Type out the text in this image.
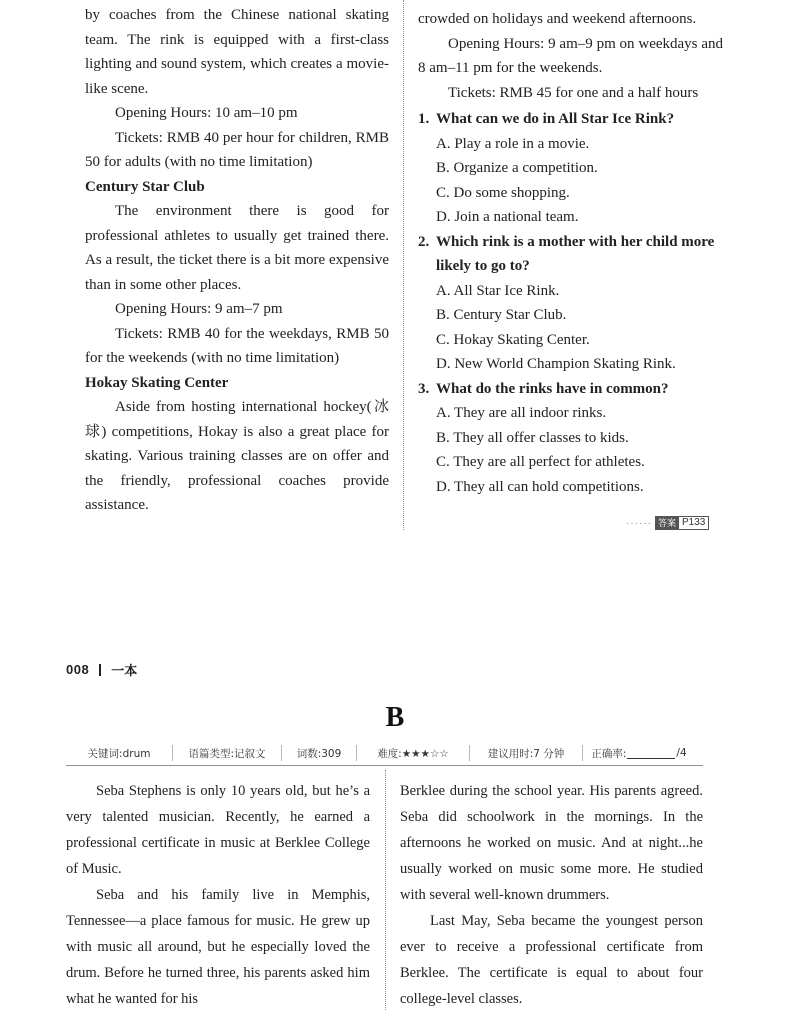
by coaches from the Chinese national skating team. The rink is equipped with a first-class lighting and sound system, which creates a movie-like scene.

Opening Hours: 10 am–10 pm

Tickets: RMB 40 per hour for children, RMB 50 for adults (with no time limitation)

Century Star Club

The environment there is good for professional athletes to usually get trained there. As a result, the ticket there is a bit more expensive than in some other places.

Opening Hours: 9 am–7 pm

Tickets: RMB 40 for the weekdays, RMB 50 for the weekends (with no time limitation)

Hokay Skating Center

Aside from hosting international hockey(冰球) competitions, Hokay is also a great place for skating. Various training classes are on offer and the friendly, professional coaches provide assistance.

crowded on holidays and weekend afternoons.

Opening Hours: 9 am–9 pm on weekdays and 8 am–11 pm for the weekends.

Tickets: RMB 45 for one and a half hours

1. What can we do in All Star Ice Rink?

A. Play a role in a movie.

B. Organize a competition.

C. Do some shopping.

D. Join a national team.

2. Which rink is a mother with her child more likely to go to?

A. All Star Ice Rink.

B. Century Star Club.

C. Hokay Skating Center.

D. New World Champion Skating Rink.

3. What do the rinks have in common?

A. They are all indoor rinks.

B. They all offer classes to kids.

C. They are all perfect for athletes.

D. They all can hold competitions.

······ 答案 P133
008 一本
B
关键词:drum	语篇类型:记叙文	词数:309	难度:★★★☆☆	建议用时:7 分钟	正确率:	/4

Seba Stephens is only 10 years old, but he’s a very talented musician. Recently, he earned a professional certificate in music at Berklee College of Music.

Seba and his family live in Memphis, Tennessee—a place famous for music. He grew up with music all around, but he especially loved the drum. Before he turned three, his parents asked him what he wanted for his

Berklee during the school year. His parents agreed. Seba did schoolwork in the mornings. In the afternoons he worked on music. And at night...he usually worked on music some more. He studied with several well-known drummers.

Last May, Seba became the youngest person ever to receive a professional certificate from Berklee. The certificate is equal to about four college-level classes.
